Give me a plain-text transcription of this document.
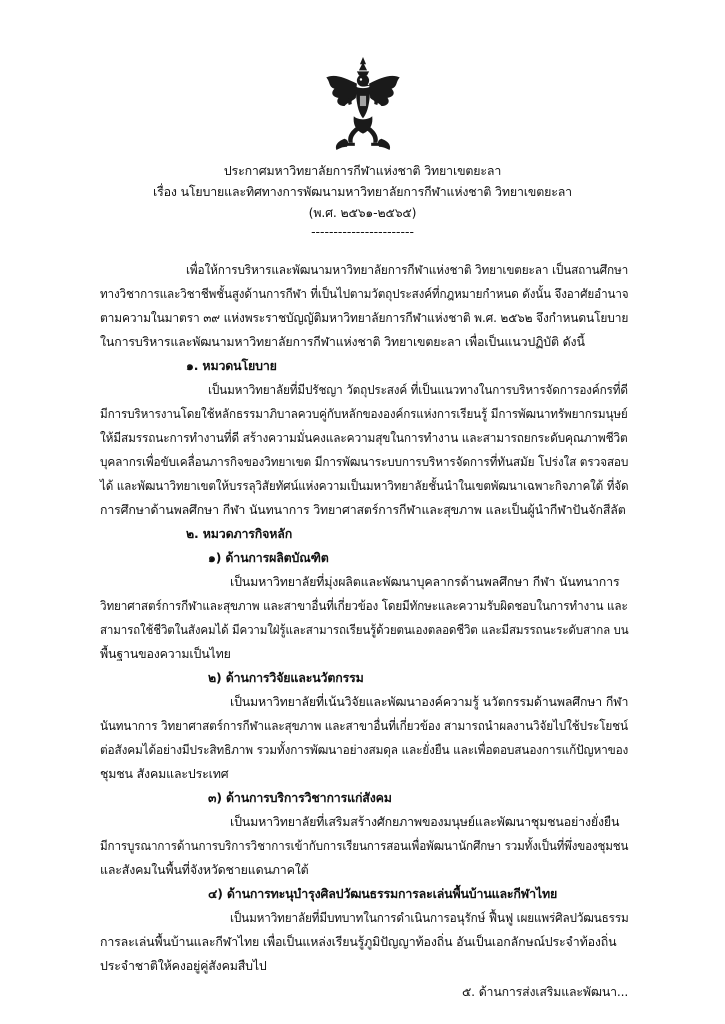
ประกาศมหาวิทยาลัยการกีฬาแห่งชาติ วิทยาเขตยะลา
เรื่อง นโยบายและทิศทางการพัฒนามหาวิทยาลัยการกีฬาแห่งชาติ วิทยาเขตยะลา
(พ.ศ. ๒๕๖๑-๒๕๖๕)
-----------------------
เพื่อให้การบริหารและพัฒนามหาวิทยาลัยการกีฬาแห่งชาติ วิทยาเขตยะลา เป็นสถานศึกษา
ทางวิชาการและวิชาชีพชั้นสูงด้านการกีฬา ที่เป็นไปตามวัตถุประสงค์ที่กฎหมายกำหนด ดังนั้น จึงอาศัยอำนาจ
ตามความในมาตรา ๓๙ แห่งพระราชบัญญัติมหาวิทยาลัยการกีฬาแห่งชาติ พ.ศ. ๒๕๖๒ จึงกำหนดนโยบาย
ในการบริหารและพัฒนามหาวิทยาลัยการกีฬาแห่งชาติ วิทยาเขตยะลา เพื่อเป็นแนวปฏิบัติ ดังนี้
๑. หมวดนโยบาย
เป็นมหาวิทยาลัยที่มีปรัชญา วัตถุประสงค์ ที่เป็นแนวทางในการบริหารจัดการองค์กรที่ดี
มีการบริหารงานโดยใช้หลักธรรมาภิบาลควบคู่กับหลักขององค์กรแห่งการเรียนรู้ มีการพัฒนาทรัพยากรมนุษย์
ให้มีสมรรถนะการทำงานที่ดี สร้างความมั่นคงและความสุขในการทำงาน และสามารถยกระดับคุณภาพชีวิต
บุคลากรเพื่อขับเคลื่อนภารกิจของวิทยาเขต มีการพัฒนาระบบการบริหารจัดการที่ทันสมัย โปร่งใส ตรวจสอบ
ได้ และพัฒนาวิทยาเขตให้บรรลุวิสัยทัศน์แห่งความเป็นมหาวิทยาลัยชั้นนำในเขตพัฒนาเฉพาะกิจภาคใต้ ที่จัด
การศึกษาด้านพลศึกษา กีฬา นันทนาการ วิทยาศาสตร์การกีฬาและสุขภาพ และเป็นผู้นำกีฬาปันจักสีลัต
๒. หมวดภารกิจหลัก
๑) ด้านการผลิตบัณฑิต
เป็นมหาวิทยาลัยที่มุ่งผลิตและพัฒนาบุคลากรด้านพลศึกษา กีฬา นันทนาการ
วิทยาศาสตร์การกีฬาและสุขภาพ และสาขาอื่นที่เกี่ยวข้อง โดยมีทักษะและความรับผิดชอบในการทำงาน และ
สามารถใช้ชีวิตในสังคมได้ มีความใฝ่รู้และสามารถเรียนรู้ด้วยตนเองตลอดชีวิต และมีสมรรถนะระดับสากล บน
พื้นฐานของความเป็นไทย
๒) ด้านการวิจัยและนวัตกรรม
เป็นมหาวิทยาลัยที่เน้นวิจัยและพัฒนาองค์ความรู้ นวัตกรรมด้านพลศึกษา กีฬา
นันทนาการ วิทยาศาสตร์การกีฬาและสุขภาพ และสาขาอื่นที่เกี่ยวข้อง สามารถนำผลงานวิจัยไปใช้ประโยชน์
ต่อสังคมได้อย่างมีประสิทธิภาพ รวมทั้งการพัฒนาอย่างสมดุล และยั่งยืน และเพื่อตอบสนองการแก้ปัญหาของ
ชุมชน สังคมและประเทศ
๓) ด้านการบริการวิชาการแก่สังคม
เป็นมหาวิทยาลัยที่เสริมสร้างศักยภาพของมนุษย์และพัฒนาชุมชนอย่างยั่งยืน
มีการบูรณาการด้านการบริการวิชาการเข้ากับการเรียนการสอนเพื่อพัฒนานักศึกษา รวมทั้งเป็นที่พึ่งของชุมชน
และสังคมในพื้นที่จังหวัดชายแดนภาคใต้
๔) ด้านการทะนุบำรุงศิลปวัฒนธรรมการละเล่นพื้นบ้านและกีฬาไทย
เป็นมหาวิทยาลัยที่มีบทบาทในการดำเนินการอนุรักษ์ ฟื้นฟู เผยแพร่ศิลปวัฒนธรรม
การละเล่นพื้นบ้านและกีฬาไทย เพื่อเป็นแหล่งเรียนรู้ภูมิปัญญาท้องถิ่น อันเป็นเอกลักษณ์ประจำท้องถิ่น
ประจำชาติให้คงอยู่คู่สังคมสืบไป
๕. ด้านการส่งเสริมและพัฒนา...
